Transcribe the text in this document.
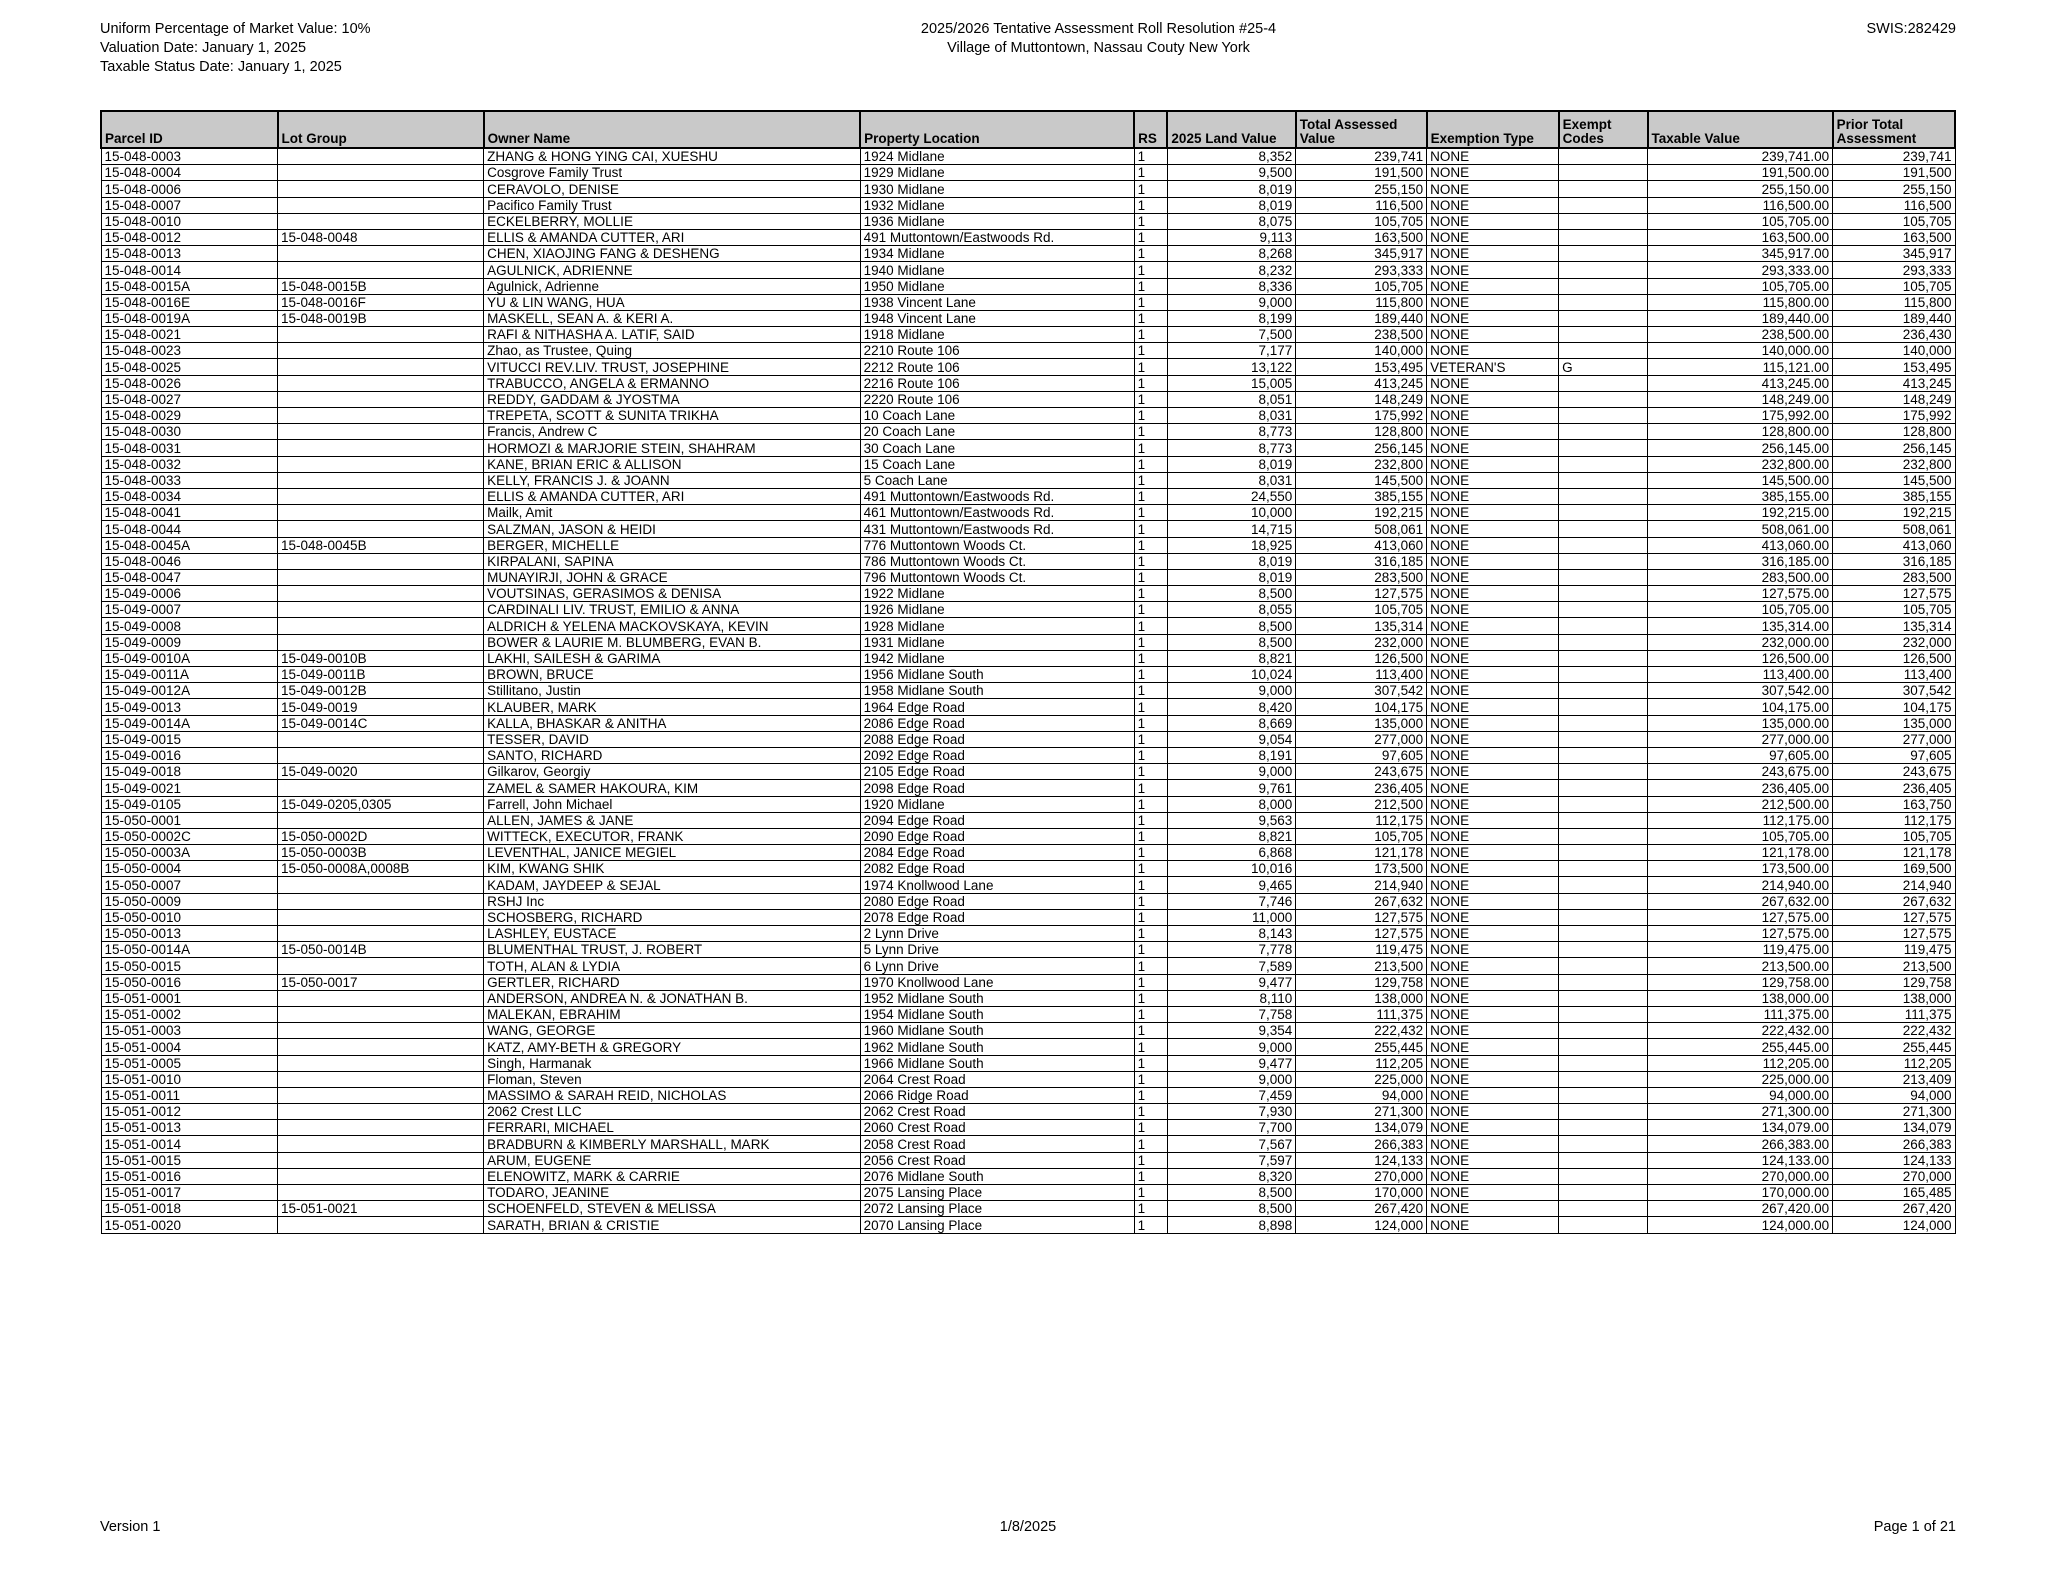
Uniform Percentage of Market Value: 10%
Valuation Date: January 1, 2025
Taxable Status Date: January 1, 2025
2025/2026 Tentative Assessment Roll Resolution #25-4
Village of Muttontown, Nassau Couty New York
SWIS:282429
Parcel ID	Lot Group	Owner Name	Property Location	RS	2025 Land Value	Total Assessed
Value	Exemption Type	Exempt
Codes	Taxable Value	Prior Total
Assessment

15-048-0003		ZHANG & HONG YING CAI, XUESHU	1924 Midlane	1	8,352	239,741	NONE		239,741.00	239,741
15-048-0004		Cosgrove Family Trust	1929 Midlane	1	9,500	191,500	NONE		191,500.00	191,500
15-048-0006		CERAVOLO, DENISE	1930 Midlane	1	8,019	255,150	NONE		255,150.00	255,150
15-048-0007		Pacifico Family Trust	1932 Midlane	1	8,019	116,500	NONE		116,500.00	116,500
15-048-0010		ECKELBERRY, MOLLIE	1936 Midlane	1	8,075	105,705	NONE		105,705.00	105,705
15-048-0012	15-048-0048	ELLIS & AMANDA CUTTER, ARI	491 Muttontown/Eastwoods Rd.	1	9,113	163,500	NONE		163,500.00	163,500
15-048-0013		CHEN, XIAOJING FANG & DESHENG	1934 Midlane	1	8,268	345,917	NONE		345,917.00	345,917
15-048-0014		AGULNICK, ADRIENNE	1940 Midlane	1	8,232	293,333	NONE		293,333.00	293,333
15-048-0015A	15-048-0015B	Agulnick, Adrienne	1950 Midlane	1	8,336	105,705	NONE		105,705.00	105,705
15-048-0016E	15-048-0016F	YU & LIN WANG, HUA	1938 Vincent Lane	1	9,000	115,800	NONE		115,800.00	115,800
15-048-0019A	15-048-0019B	MASKELL, SEAN A. & KERI A.	1948 Vincent Lane	1	8,199	189,440	NONE		189,440.00	189,440
15-048-0021		RAFI & NITHASHA A. LATIF, SAID	1918 Midlane	1	7,500	238,500	NONE		238,500.00	236,430
15-048-0023		Zhao, as Trustee, Quing	2210 Route 106	1	7,177	140,000	NONE		140,000.00	140,000
15-048-0025		VITUCCI REV.LIV. TRUST, JOSEPHINE	2212 Route 106	1	13,122	153,495	VETERAN'S	G	115,121.00	153,495
15-048-0026		TRABUCCO, ANGELA & ERMANNO	2216 Route 106	1	15,005	413,245	NONE		413,245.00	413,245
15-048-0027		REDDY, GADDAM & JYOSTMA	2220 Route 106	1	8,051	148,249	NONE		148,249.00	148,249
15-048-0029		TREPETA, SCOTT & SUNITA TRIKHA	10 Coach Lane	1	8,031	175,992	NONE		175,992.00	175,992
15-048-0030		Francis, Andrew C	20 Coach Lane	1	8,773	128,800	NONE		128,800.00	128,800
15-048-0031		HORMOZI & MARJORIE STEIN, SHAHRAM	30 Coach Lane	1	8,773	256,145	NONE		256,145.00	256,145
15-048-0032		KANE, BRIAN ERIC & ALLISON	15 Coach Lane	1	8,019	232,800	NONE		232,800.00	232,800
15-048-0033		KELLY, FRANCIS J. & JOANN	5 Coach Lane	1	8,031	145,500	NONE		145,500.00	145,500
15-048-0034		ELLIS & AMANDA CUTTER, ARI	491 Muttontown/Eastwoods Rd.	1	24,550	385,155	NONE		385,155.00	385,155
15-048-0041		Mailk, Amit	461 Muttontown/Eastwoods Rd.	1	10,000	192,215	NONE		192,215.00	192,215
15-048-0044		SALZMAN, JASON & HEIDI	431 Muttontown/Eastwoods Rd.	1	14,715	508,061	NONE		508,061.00	508,061
15-048-0045A	15-048-0045B	BERGER, MICHELLE	776 Muttontown Woods Ct.	1	18,925	413,060	NONE		413,060.00	413,060
15-048-0046		KIRPALANI, SAPINA	786 Muttontown Woods Ct.	1	8,019	316,185	NONE		316,185.00	316,185
15-048-0047		MUNAYIRJI, JOHN & GRACE	796 Muttontown Woods Ct.	1	8,019	283,500	NONE		283,500.00	283,500
15-049-0006		VOUTSINAS, GERASIMOS & DENISA	1922 Midlane	1	8,500	127,575	NONE		127,575.00	127,575
15-049-0007		CARDINALI LIV. TRUST, EMILIO & ANNA	1926 Midlane	1	8,055	105,705	NONE		105,705.00	105,705
15-049-0008		ALDRICH & YELENA MACKOVSKAYA, KEVIN	1928 Midlane	1	8,500	135,314	NONE		135,314.00	135,314
15-049-0009		BOWER & LAURIE M. BLUMBERG, EVAN B.	1931 Midlane	1	8,500	232,000	NONE		232,000.00	232,000
15-049-0010A	15-049-0010B	LAKHI, SAILESH & GARIMA	1942 Midlane	1	8,821	126,500	NONE		126,500.00	126,500
15-049-0011A	15-049-0011B	BROWN, BRUCE	1956 Midlane South	1	10,024	113,400	NONE		113,400.00	113,400
15-049-0012A	15-049-0012B	Stillitano, Justin	1958 Midlane South	1	9,000	307,542	NONE		307,542.00	307,542
15-049-0013	15-049-0019	KLAUBER, MARK	1964 Edge Road	1	8,420	104,175	NONE		104,175.00	104,175
15-049-0014A	15-049-0014C	KALLA, BHASKAR & ANITHA	2086 Edge Road	1	8,669	135,000	NONE		135,000.00	135,000
15-049-0015		TESSER, DAVID	2088 Edge Road	1	9,054	277,000	NONE		277,000.00	277,000
15-049-0016		SANTO, RICHARD	2092 Edge Road	1	8,191	97,605	NONE		97,605.00	97,605
15-049-0018	15-049-0020	Gilkarov, Georgiy	2105 Edge Road	1	9,000	243,675	NONE		243,675.00	243,675
15-049-0021		ZAMEL & SAMER HAKOURA, KIM	2098 Edge Road	1	9,761	236,405	NONE		236,405.00	236,405
15-049-0105	15-049-0205,0305	Farrell, John Michael	1920 Midlane	1	8,000	212,500	NONE		212,500.00	163,750
15-050-0001		ALLEN, JAMES & JANE	2094 Edge Road	1	9,563	112,175	NONE		112,175.00	112,175
15-050-0002C	15-050-0002D	WITTECK, EXECUTOR, FRANK	2090 Edge Road	1	8,821	105,705	NONE		105,705.00	105,705
15-050-0003A	15-050-0003B	LEVENTHAL, JANICE MEGIEL	2084 Edge Road	1	6,868	121,178	NONE		121,178.00	121,178
15-050-0004	15-050-0008A,0008B	KIM, KWANG SHIK	2082 Edge Road	1	10,016	173,500	NONE		173,500.00	169,500
15-050-0007		KADAM, JAYDEEP & SEJAL	1974 Knollwood Lane	1	9,465	214,940	NONE		214,940.00	214,940
15-050-0009		RSHJ Inc	2080 Edge Road	1	7,746	267,632	NONE		267,632.00	267,632
15-050-0010		SCHOSBERG, RICHARD	2078 Edge Road	1	11,000	127,575	NONE		127,575.00	127,575
15-050-0013		LASHLEY, EUSTACE	2 Lynn Drive	1	8,143	127,575	NONE		127,575.00	127,575
15-050-0014A	15-050-0014B	BLUMENTHAL TRUST, J. ROBERT	5 Lynn Drive	1	7,778	119,475	NONE		119,475.00	119,475
15-050-0015		TOTH, ALAN & LYDIA	6 Lynn Drive	1	7,589	213,500	NONE		213,500.00	213,500
15-050-0016	15-050-0017	GERTLER, RICHARD	1970 Knollwood Lane	1	9,477	129,758	NONE		129,758.00	129,758
15-051-0001		ANDERSON, ANDREA N. & JONATHAN B.	1952 Midlane South	1	8,110	138,000	NONE		138,000.00	138,000
15-051-0002		MALEKAN, EBRAHIM	1954 Midlane South	1	7,758	111,375	NONE		111,375.00	111,375
15-051-0003		WANG, GEORGE	1960 Midlane South	1	9,354	222,432	NONE		222,432.00	222,432
15-051-0004		KATZ, AMY-BETH & GREGORY	1962 Midlane South	1	9,000	255,445	NONE		255,445.00	255,445
15-051-0005		Singh, Harmanak	1966 Midlane South	1	9,477	112,205	NONE		112,205.00	112,205
15-051-0010		Floman, Steven	2064 Crest Road	1	9,000	225,000	NONE		225,000.00	213,409
15-051-0011		MASSIMO & SARAH REID, NICHOLAS	2066 Ridge Road	1	7,459	94,000	NONE		94,000.00	94,000
15-051-0012		2062 Crest LLC	2062 Crest Road	1	7,930	271,300	NONE		271,300.00	271,300
15-051-0013		FERRARI, MICHAEL	2060 Crest Road	1	7,700	134,079	NONE		134,079.00	134,079
15-051-0014		BRADBURN & KIMBERLY MARSHALL, MARK	2058 Crest Road	1	7,567	266,383	NONE		266,383.00	266,383
15-051-0015		ARUM, EUGENE	2056 Crest Road	1	7,597	124,133	NONE		124,133.00	124,133
15-051-0016		ELENOWITZ, MARK & CARRIE	2076 Midlane South	1	8,320	270,000	NONE		270,000.00	270,000
15-051-0017		TODARO, JEANINE	2075 Lansing Place	1	8,500	170,000	NONE		170,000.00	165,485
15-051-0018	15-051-0021	SCHOENFELD, STEVEN & MELISSA	2072 Lansing Place	1	8,500	267,420	NONE		267,420.00	267,420
15-051-0020		SARATH, BRIAN & CRISTIE	2070 Lansing Place	1	8,898	124,000	NONE		124,000.00	124,000
Version 1	1/8/2025	Page 1 of 21
